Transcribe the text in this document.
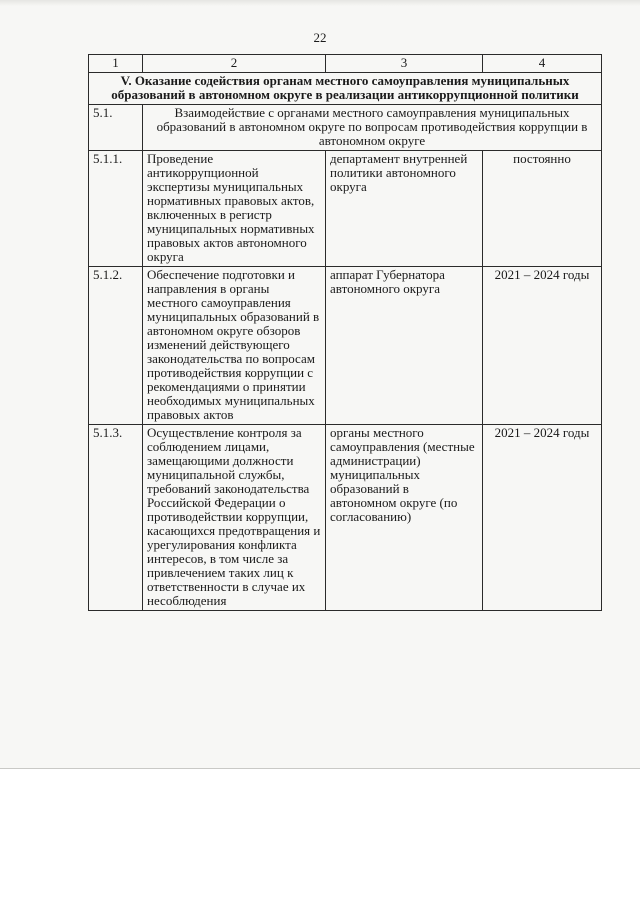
22
1	2	3	4
V. Оказание содействия органам местного самоуправления муниципальных образований в автономном округе в реализации антикоррупционной политики			
5.1.	Взаимодействие с органами местного самоуправления муниципальных образований в автономном округе по вопросам противодействия коррупции в автономном округе		
5.1.1.	Проведение антикоррупционной экспертизы муниципальных нормативных правовых актов, включенных в регистр муниципальных нормативных правовых актов автономного округа	департамент внутренней политики автономного округа	постоянно
5.1.2.	Обеспечение подготовки и направления в органы местного самоуправления муниципальных образований в автономном округе обзоров изменений действующего законодательства по вопросам противодействия коррупции с рекомендациями о принятии необходимых муниципальных правовых актов	аппарат Губернатора автономного округа	2021 – 2024 годы
5.1.3.	Осуществление контроля за соблюдением лицами, замещающими должности муниципальной службы, требований законодательства Российской Федерации о противодействии коррупции, касающихся предотвращения и урегулирования конфликта интересов, в том числе за привлечением таких лиц к ответственности в случае их несоблюдения	органы местного самоуправления (местные администрации) муниципальных образований в автономном округе (по согласованию)	2021 – 2024 годы
